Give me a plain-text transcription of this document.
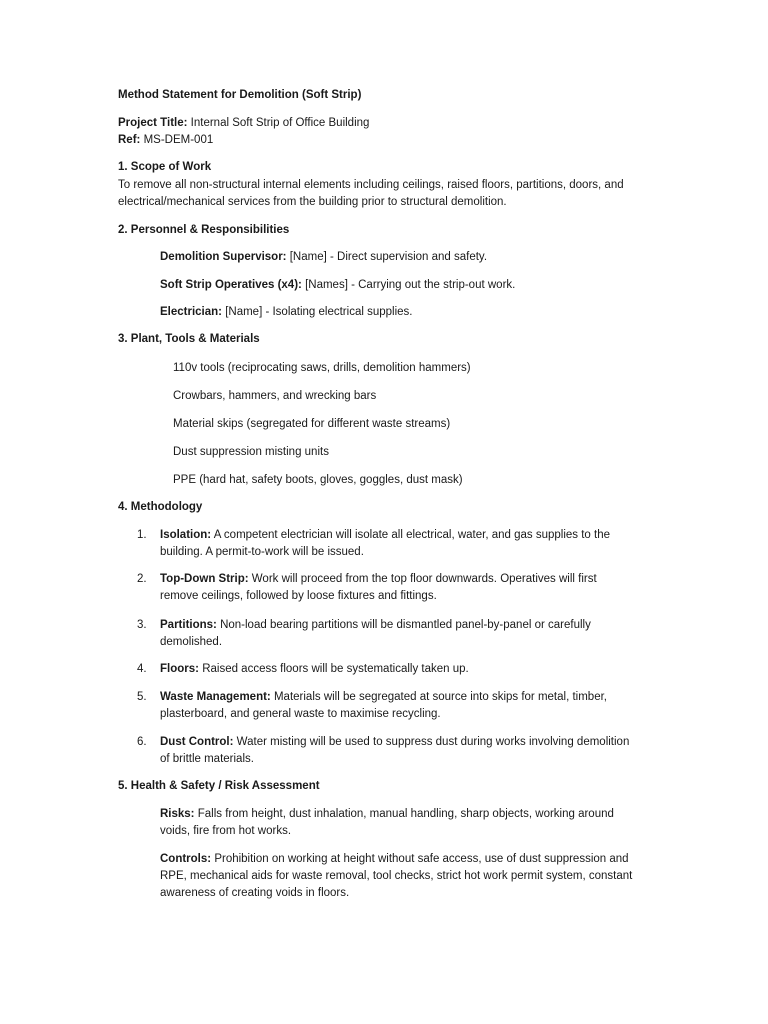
Method Statement for Demolition (Soft Strip)
Project Title: Internal Soft Strip of Office Building
Ref: MS-DEM-001
1. Scope of Work
To remove all non-structural internal elements including ceilings, raised floors, partitions, doors, and
electrical/mechanical services from the building prior to structural demolition.
2. Personnel & Responsibilities
Demolition Supervisor: [Name] - Direct supervision and safety.
Soft Strip Operatives (x4): [Names] - Carrying out the strip-out work.
Electrician: [Name] - Isolating electrical supplies.
3. Plant, Tools & Materials
110v tools (reciprocating saws, drills, demolition hammers)
Crowbars, hammers, and wrecking bars
Material skips (segregated for different waste streams)
Dust suppression misting units
PPE (hard hat, safety boots, gloves, goggles, dust mask)
4. Methodology
1.	Isolation: A competent electrician will isolate all electrical, water, and gas supplies to the
building. A permit-to-work will be issued.
2.	Top-Down Strip: Work will proceed from the top floor downwards. Operatives will first
remove ceilings, followed by loose fixtures and fittings.
3.	Partitions: Non-load bearing partitions will be dismantled panel-by-panel or carefully
demolished.
4.	Floors: Raised access floors will be systematically taken up.
5.	Waste Management: Materials will be segregated at source into skips for metal, timber,
plasterboard, and general waste to maximise recycling.
6.	Dust Control: Water misting will be used to suppress dust during works involving demolition
of brittle materials.
5. Health & Safety / Risk Assessment
Risks: Falls from height, dust inhalation, manual handling, sharp objects, working around
voids, fire from hot works.
Controls: Prohibition on working at height without safe access, use of dust suppression and
RPE, mechanical aids for waste removal, tool checks, strict hot work permit system, constant
awareness of creating voids in floors.
